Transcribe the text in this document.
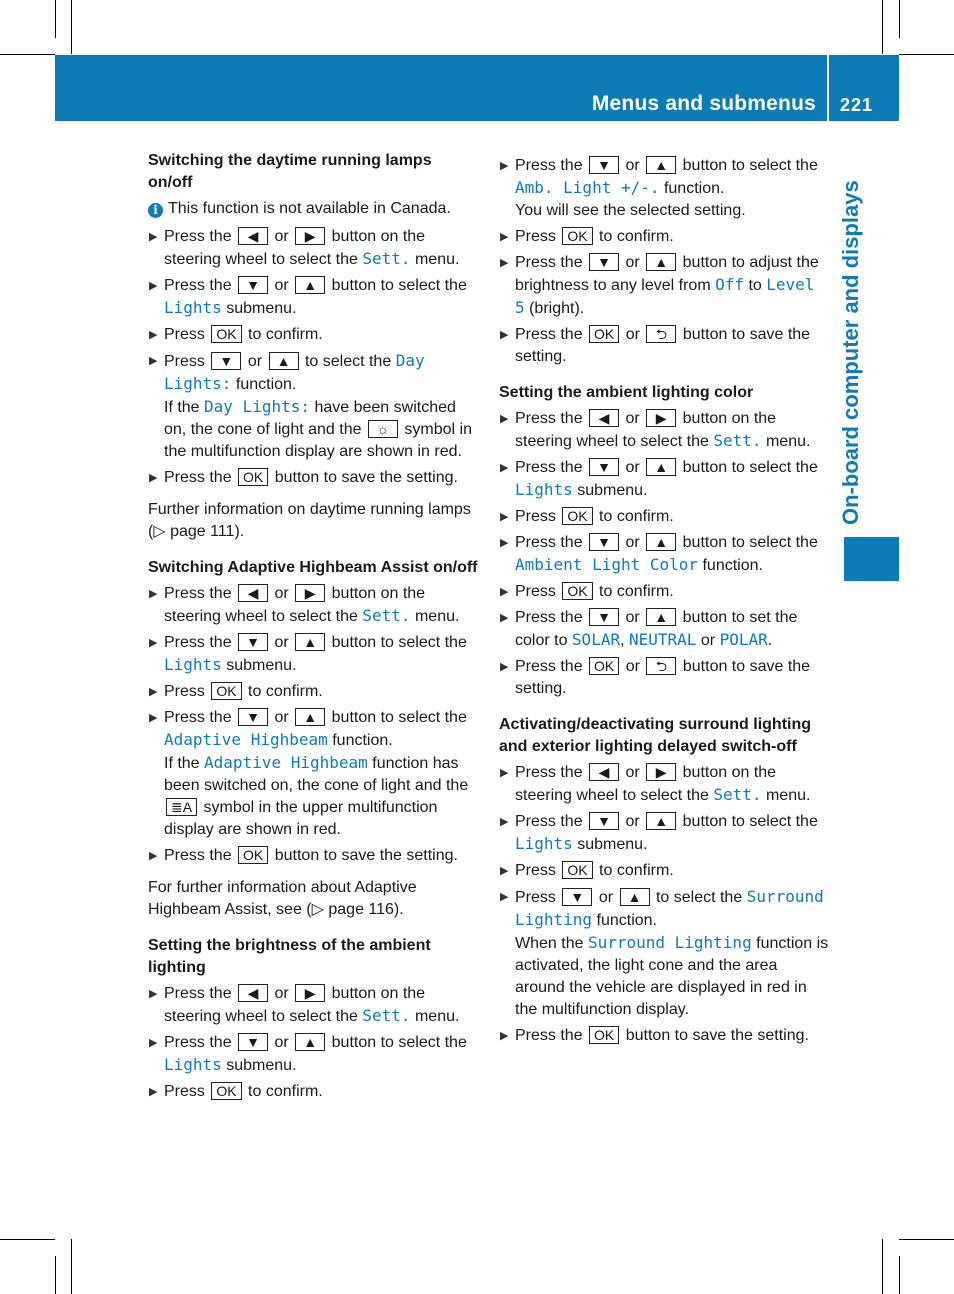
Menus and submenus 221
On-board computer and displays
Switching the daytime running lamps on/off
i This function is not available in Canada.
▶ Press the ◀ or ▶ button on the steering wheel to select the Sett. menu.
▶ Press the ▼ or ▲ button to select the Lights submenu.
▶ Press OK to confirm.
▶ Press ▼ or ▲ to select the Day Lights: function.
If the Day Lights: have been switched on, the cone of light and the ☼ symbol in the multifunction display are shown in red.
▶ Press the OK button to save the setting.
Further information on daytime running lamps (▷ page 111).
Switching Adaptive Highbeam Assist on/off
▶ Press the ◀ or ▶ button on the steering wheel to select the Sett. menu.
▶ Press the ▼ or ▲ button to select the Lights submenu.
▶ Press OK to confirm.
▶ Press the ▼ or ▲ button to select the Adaptive Highbeam function.
If the Adaptive Highbeam function has been switched on, the cone of light and the ≣A symbol in the upper multifunction display are shown in red.
▶ Press the OK button to save the setting.
For further information about Adaptive Highbeam Assist, see (▷ page 116).
Setting the brightness of the ambient lighting
▶ Press the ◀ or ▶ button on the steering wheel to select the Sett. menu.
▶ Press the ▼ or ▲ button to select the Lights submenu.
▶ Press OK to confirm.
▶ Press the ▼ or ▲ button to select the Amb. Light +/-. function.
You will see the selected setting.
▶ Press OK to confirm.
▶ Press the ▼ or ▲ button to adjust the brightness to any level from Off to Level 5 (bright).
▶ Press the OK or ⮌ button to save the setting.
Setting the ambient lighting color
▶ Press the ◀ or ▶ button on the steering wheel to select the Sett. menu.
▶ Press the ▼ or ▲ button to select the Lights submenu.
▶ Press OK to confirm.
▶ Press the ▼ or ▲ button to select the Ambient Light Color function.
▶ Press OK to confirm.
▶ Press the ▼ or ▲ button to set the color to SOLAR, NEUTRAL or POLAR.
▶ Press the OK or ⮌ button to save the setting.
Activating/deactivating surround lighting and exterior lighting delayed switch-off
▶ Press the ◀ or ▶ button on the steering wheel to select the Sett. menu.
▶ Press the ▼ or ▲ button to select the Lights submenu.
▶ Press OK to confirm.
▶ Press ▼ or ▲ to select the Surround Lighting function.
When the Surround Lighting function is activated, the light cone and the area around the vehicle are displayed in red in the multifunction display.
▶ Press the OK button to save the setting.
